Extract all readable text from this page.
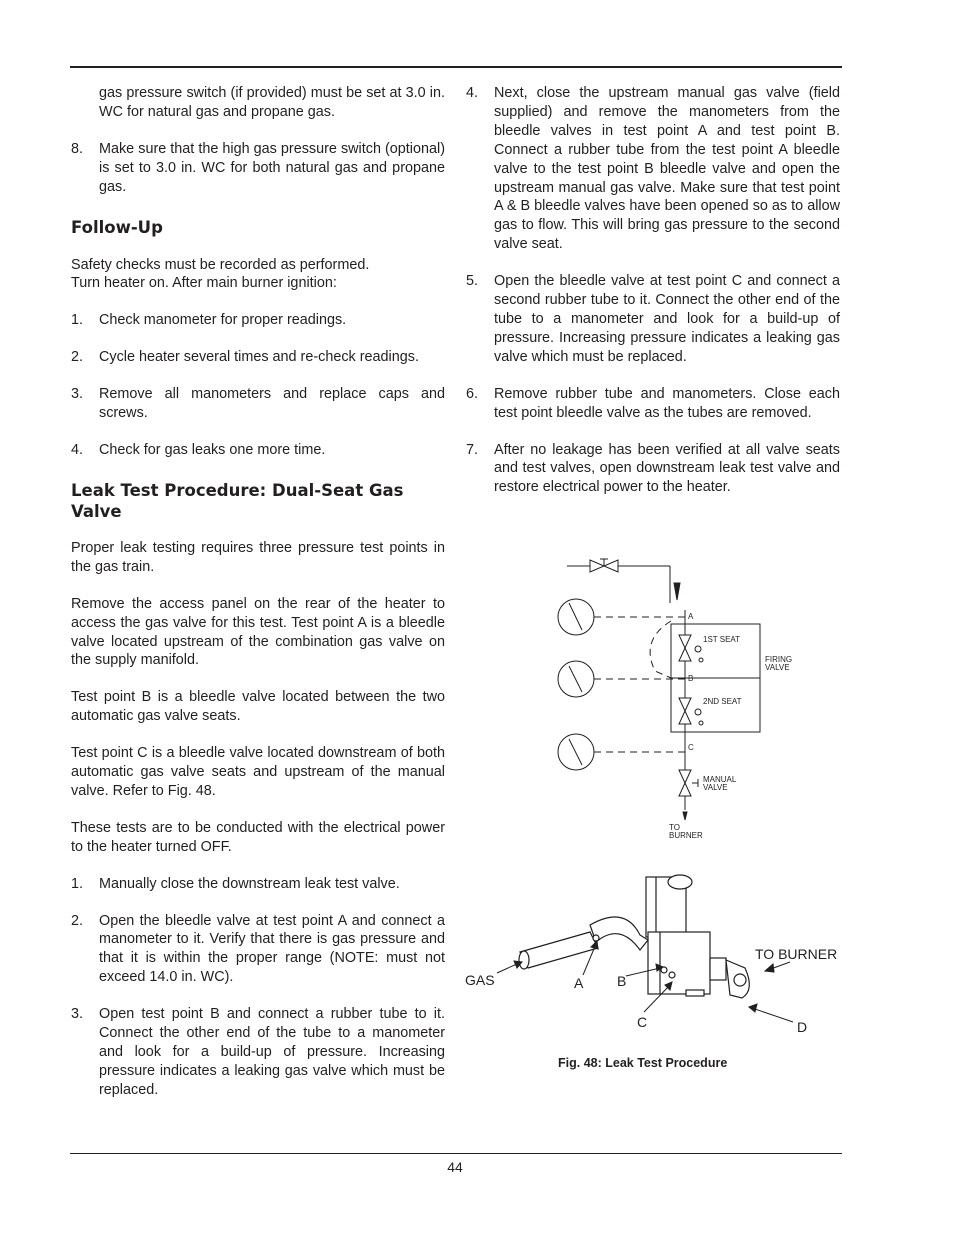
gas pressure switch (if provided) must be set at 3.0 in. WC for natural gas and propane gas.
8. Make sure that the high gas pressure switch (optional) is set to 3.0 in. WC for both natural gas and propane gas.
Follow-Up

Safety checks must be recorded as performed.

Turn heater on. After main burner ignition:

1. Check manometer for proper readings.
2. Cycle heater several times and re-check readings.
3. Remove all manometers and replace caps and screws.
4. Check for gas leaks one more time.
Leak Test Procedure: Dual-Seat Gas Valve

Proper leak testing requires three pressure test points in the gas train.

Remove the access panel on the rear of the heater to access the gas valve for this test. Test point A is a bleedle valve located upstream of the combination gas valve on the supply manifold.

Test point B is a bleedle valve located between the two automatic gas valve seats.

Test point C is a bleedle valve located downstream of both automatic gas valve seats and upstream of the manual valve. Refer to Fig. 48.

These tests are to be conducted with the electrical power to the heater turned OFF.

1. Manually close the downstream leak test valve.
2. Open the bleedle valve at test point A and connect a manometer to it. Verify that there is gas pressure and that it is within the proper range (NOTE: must not exceed 14.0 in. WC).
3. Open test point B and connect a rubber tube to it. Connect the other end of the tube to a manometer and look for a build-up of pressure. Increasing pressure indicates a leaking gas valve which must be replaced.
4. Next, close the upstream manual gas valve (field supplied) and remove the manometers from the bleedle valves in test point A and test point B. Connect a rubber tube from the test point A bleedle valve to the test point B bleedle valve and open the upstream manual gas valve. Make sure that test point A & B bleedle valves have been opened so as to allow gas to flow. This will bring gas pressure to the second valve seat.
5. Open the bleedle valve at test point C and connect a second rubber tube to it. Connect the other end of the tube to a manometer and look for a build-up of pressure. Increasing pressure indicates a leaking gas valve which must be replaced.
6. Remove rubber tube and manometers. Close each test point bleedle valve as the tubes are removed.
7. After no leakage has been verified at all valve seats and test valves, open downstream leak test valve and restore electrical power to the heater.
A
1ST SEAT
FIRING
VALVE
B
2ND SEAT
C
MANUAL
VALVE
TO
BURNER
GAS	A B
C	D
TO BURNER
Fig. 48: Leak Test Procedure
44
